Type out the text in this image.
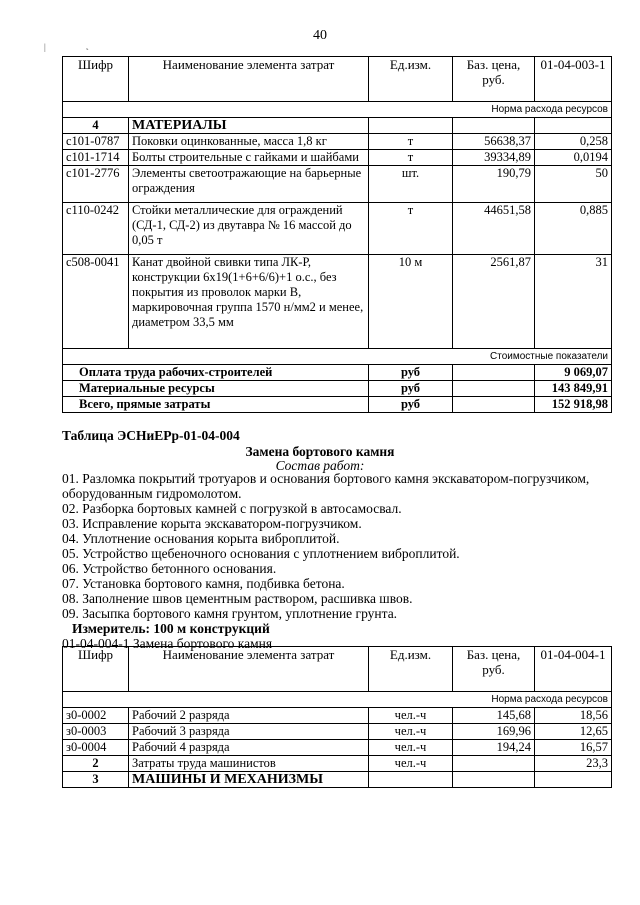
40
|	˛
Шифр	Наименование элемента затрат	Ед.изм.	Баз. цена, руб.	01-04-003-1
Норма расхода ресурсов				
4	МАТЕРИАЛЫ			
с101-0787	Поковки оцинкованные, масса 1,8 кг	т	56638,37	0,258
с101-1714	Болты строительные с гайками и шайбами	т	39334,89	0,0194
с101-2776	Элементы светоотражающие на барьерные ограждения	шт.	190,79	50
с110-0242	Стойки металлические для ограждений (СД-1, СД-2) из двутавра № 16 массой до 0,05 т	т	44651,58	0,885
с508-0041	Канат двойной свивки типа ЛК-Р, конструкции 6х19(1+6+6/6)+1 о.с., без покрытия из проволок марки В, маркировочная группа 1570 н/мм2 и менее, диаметром 33,5 мм	10 м	2561,87	31
Стоимостные показатели				
Оплата труда рабочих-строителей		руб		9 069,07
Материальные ресурсы		руб		143 849,91
Всего, прямые затраты		руб		152 918,98
Таблица ЭСНиЕРр-01-04-004
Замена бортового камня
Состав работ:
01. Разломка покрытий тротуаров и основания бортового камня экскаватором-погрузчиком, оборудованным гидромолотом.
02. Разборка бортовых камней с погрузкой в автосамосвал.
03. Исправление корыта экскаватором-погрузчиком.
04. Уплотнение основания корыта виброплитой.
05. Устройство щебеночного основания с уплотнением виброплитой.
06. Устройство бетонного основания.
07. Установка бортового камня, подбивка бетона.
08. Заполнение швов цементным раствором, расшивка швов.
09. Засыпка бортового камня грунтом, уплотнение грунта.
Измеритель: 100 м конструкций
01-04-004-1 Замена бортового камня
Шифр	Наименование элемента затрат	Ед.изм.	Баз. цена, руб.	01-04-004-1
Норма расхода ресурсов				
з0-0002	Рабочий 2 разряда	чел.-ч	145,68	18,56
з0-0003	Рабочий 3 разряда	чел.-ч	169,96	12,65
з0-0004	Рабочий 4 разряда	чел.-ч	194,24	16,57
2	Затраты труда машинистов	чел.-ч		23,3
3	МАШИНЫ И МЕХАНИЗМЫ			
